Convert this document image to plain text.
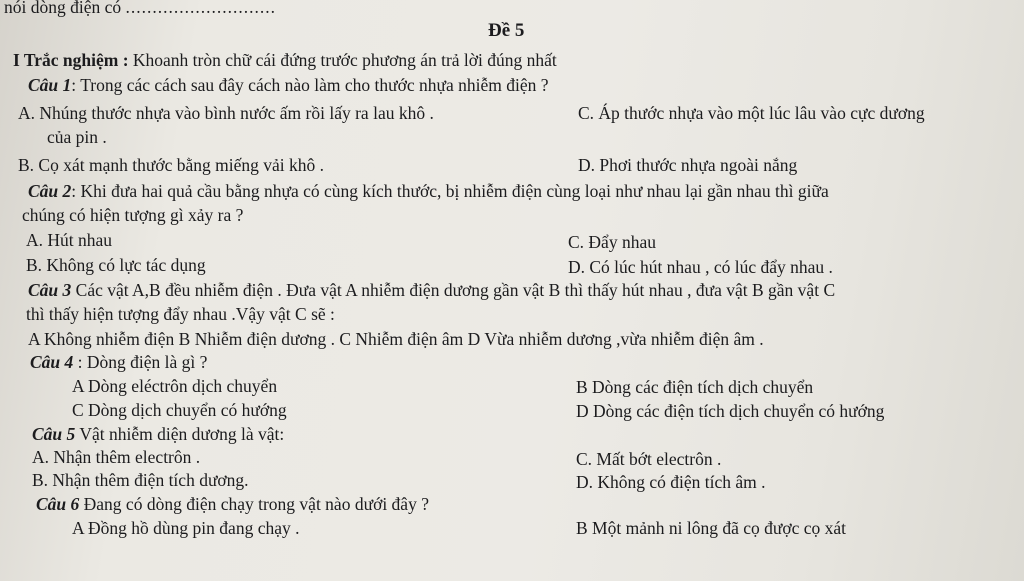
nói dòng điện có ............................
Đề 5
I Trắc nghiệm : Khoanh tròn chữ cái đứng trước phương án trả lời đúng nhất
Câu 1: Trong các cách sau đây cách nào làm cho thước nhựa nhiễm điện ?
A. Nhúng thước nhựa vào bình nước ấm rồi lấy ra lau khô .	C. Áp thước nhựa vào một lúc lâu vào cực dương
của pin .
B. Cọ xát mạnh thước bằng miếng vải khô .	D. Phơi thước nhựa ngoài nắng
Câu 2: Khi đưa hai quả cầu bằng nhựa có cùng kích thước, bị nhiễm điện cùng loại như nhau lại gần nhau thì giữa
chúng có hiện tượng gì xảy ra ?
A. Hút nhau	C. Đẩy nhau
B. Không có lực tác dụng	D. Có lúc hút nhau , có lúc đẩy nhau .
Câu 3 Các vật A,B đều nhiễm điện . Đưa vật A nhiễm điện dương gần vật B thì thấy hút nhau , đưa vật B gần vật C
thì thấy hiện tượng đẩy nhau .Vậy vật C sẽ :
A Không nhiễm điện B Nhiễm điện dương . C Nhiễm điện âm D Vừa nhiễm dương ,vừa nhiễm điện âm .
Câu 4 : Dòng điện là gì ?
A Dòng eléctrôn dịch chuyển	B Dòng các điện tích dịch chuyển
C Dòng dịch chuyển có hướng	D Dòng các điện tích dịch chuyển có hướng
Câu 5 Vật nhiễm diện dương là vật:
A. Nhận thêm electrôn .	C. Mất bớt electrôn .
B. Nhận thêm điện tích dương.	D. Không có điện tích âm .
Câu 6 Đang có dòng điện chạy trong vật nào dưới đây ?
A Đồng hồ dùng pin đang chạy .	B Một mảnh ni lông đã cọ được cọ xát
